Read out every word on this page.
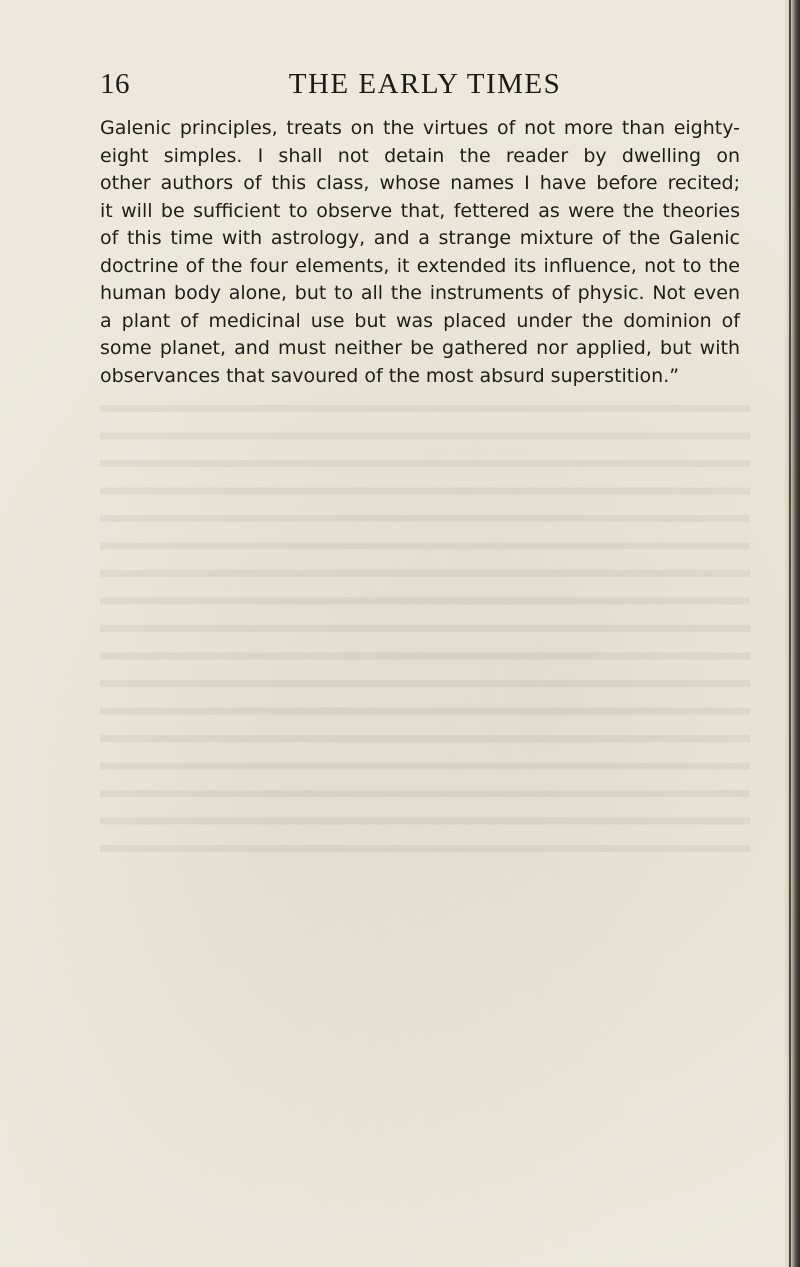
16	THE EARLY TIMES
Galenic principles, treats on the virtues of not more than eighty-
eight simples. I shall not detain the reader by dwelling on
other authors of this class, whose names I have before recited;
it will be sufficient to observe that, fettered as were the theories
of this time with astrology, and a strange mixture of the Galenic
doctrine of the four elements, it extended its influence, not to the
human body alone, but to all the instruments of physic. Not even
a plant of medicinal use but was placed under the dominion of
some planet, and must neither be gathered nor applied, but with
observances that savoured of the most absurd superstition.”
